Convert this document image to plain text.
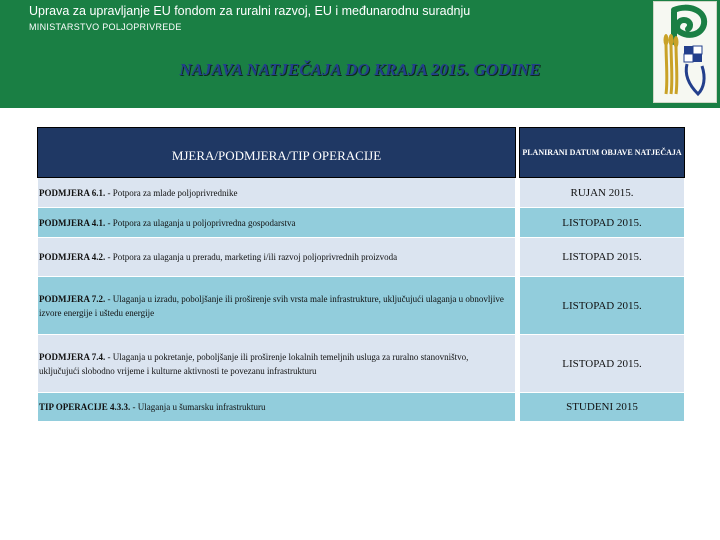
Uprava za upravljanje EU fondom za ruralni razvoj, EU i međunarodnu suradnju
MINISTARSTVO POLJOPRIVREDE
NAJAVA NATJEČAJA DO KRAJA 2015. GODINE
MJERA/PODMJERA/TIP OPERACIJE		PLANIRANI DATUM OBJAVE NATJEČAJA
PODMJERA 6.1. - Potpora za mlade poljoprivrednike		RUJAN 2015.
PODMJERA 4.1. - Potpora za ulaganja u poljoprivredna gospodarstva		LISTOPAD 2015.
PODMJERA 4.2. - Potpora za ulaganja u preradu, marketing i/ili razvoj poljoprivrednih proizvoda		LISTOPAD 2015.
PODMJERA 7.2. - Ulaganja u izradu, poboljšanje ili proširenje svih vrsta male infrastrukture, uključujući ulaganja u obnovljive izvore energije i uštedu energije		LISTOPAD 2015.
PODMJERA 7.4. - Ulaganja u pokretanje, poboljšanje ili proširenje lokalnih temeljnih usluga za ruralno stanovništvo, uključujući slobodno vrijeme i kulturne aktivnosti te povezanu infrastrukturu		LISTOPAD 2015.
TIP OPERACIJE 4.3.3. - Ulaganja u šumarsku infrastrukturu		STUDENI 2015
